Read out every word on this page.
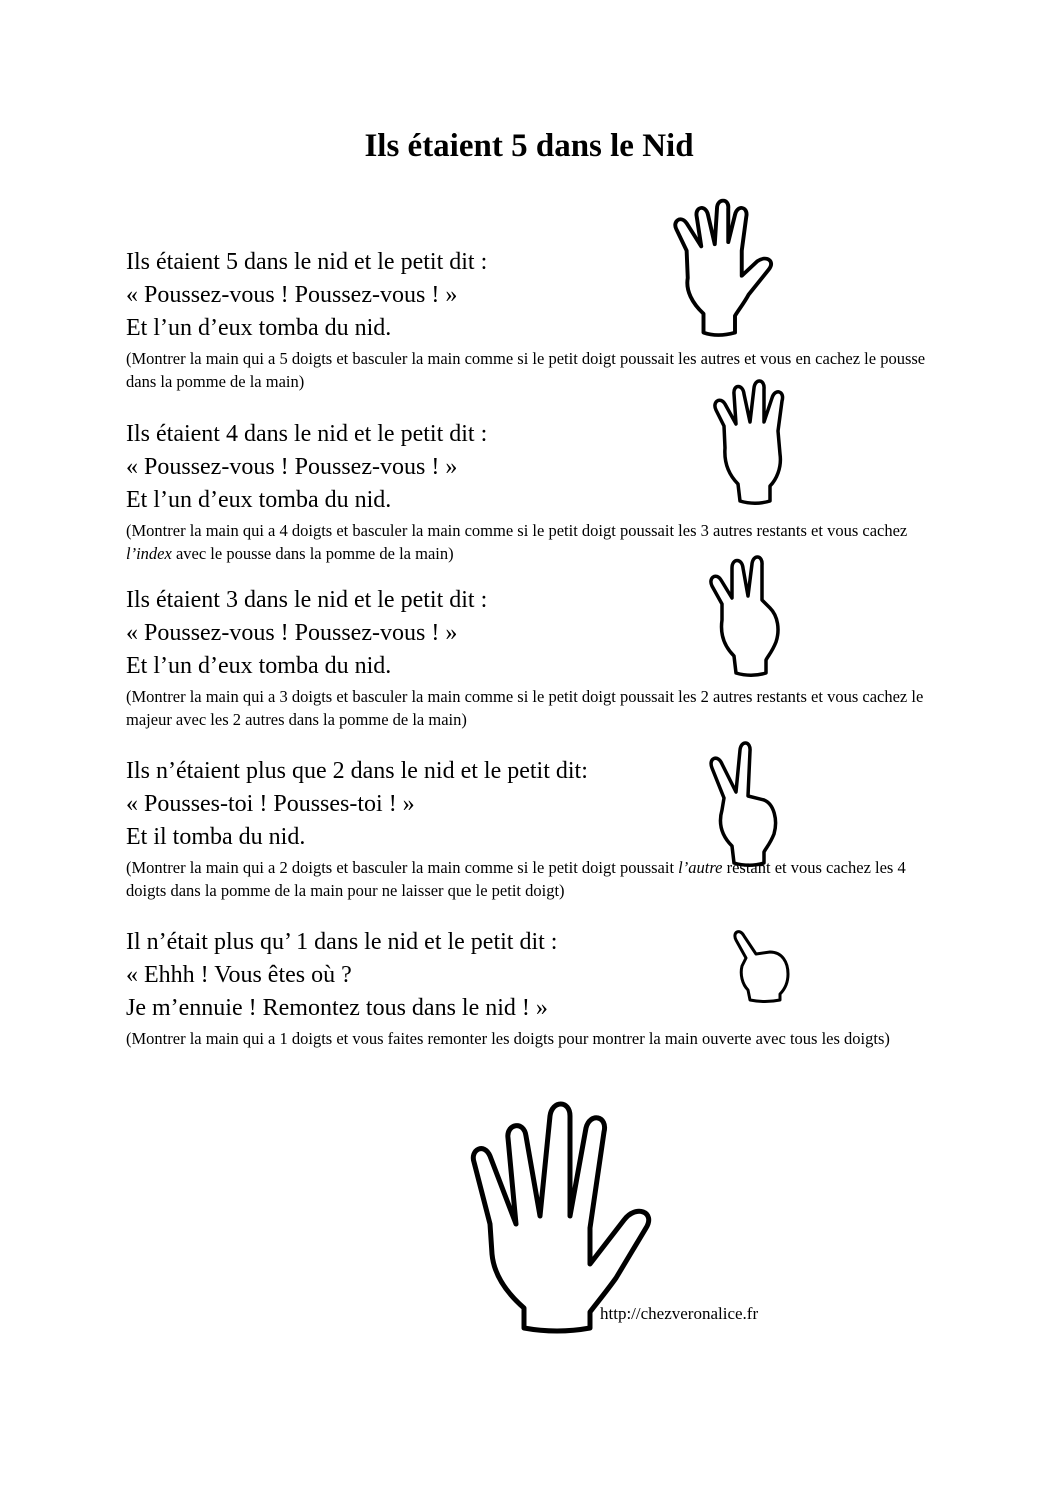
Ils étaient 5 dans le Nid
Ils étaient 5 dans le nid et le petit dit :
« Poussez-vous ! Poussez-vous ! »
Et l’un d’eux tomba du nid.
(Montrer la main qui a 5 doigts et basculer la main comme si le petit doigt poussait les autres et vous en cachez le pousse dans la pomme de la main)
Ils étaient 4 dans le nid et le petit dit :
« Poussez-vous ! Poussez-vous ! »
Et l’un d’eux tomba du nid.
(Montrer la main qui a 4 doigts et basculer la main comme si le petit doigt poussait les 3 autres restants et vous cachez l’index avec le pousse dans la pomme de la main)
Ils étaient 3 dans le nid et le petit dit :
« Poussez-vous ! Poussez-vous ! »
Et l’un d’eux tomba du nid.
(Montrer la main qui a 3 doigts et basculer la main comme si le petit doigt poussait les 2 autres restants et vous cachez le majeur avec les 2 autres dans la pomme de la main)
Ils n’étaient plus que 2 dans le nid et le petit dit:
« Pousses-toi ! Pousses-toi ! »
Et il tomba du nid.
(Montrer la main qui a 2 doigts et basculer la main comme si le petit doigt poussait l’autre restant et vous cachez les 4 doigts dans la pomme de la main pour ne laisser que le petit doigt)
Il n’était plus qu’ 1 dans le nid et le petit dit :
« Ehhh ! Vous êtes où ?
Je m’ennuie ! Remontez tous dans le nid ! »
(Montrer la main qui a 1 doigts et vous faites remonter les doigts pour montrer la main ouverte avec tous les doigts)
http://chezveronalice.fr
